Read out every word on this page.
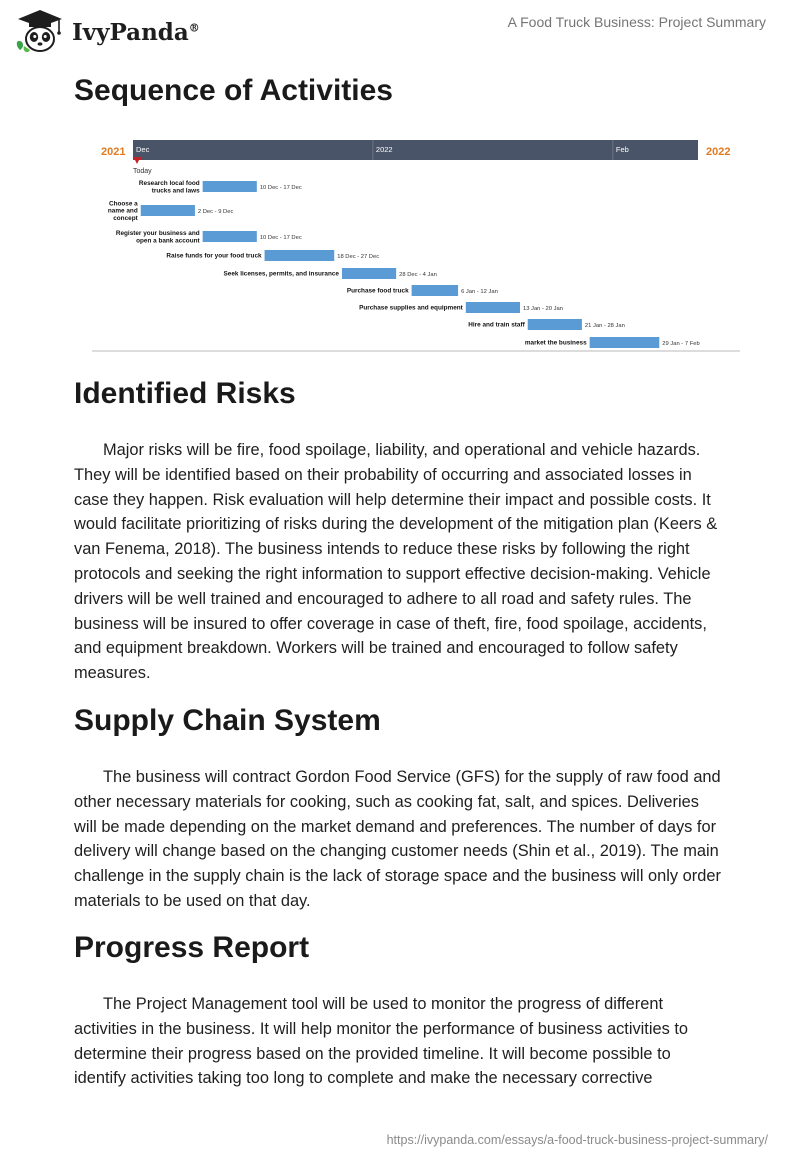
IvyPanda®	A Food Truck Business: Project Summary
Sequence of Activities
2021	2022
Dec	2022	Feb
Today
10 Dec - 17 Dec
Research local food trucks and laws
2 Dec - 9 Dec
Choose a name and concept
10 Dec - 17 Dec
Register your business and open a bank account
18 Dec - 27 Dec
Raise funds for your food truck
28 Dec - 4 Jan
Seek licenses, permits, and insurance
6 Jan - 12 Jan
Purchase food truck
13 Jan - 20 Jan
Purchase supplies and equipment
21 Jan - 28 Jan
Hire and train staff
29 Jan - 7 Feb
market the business
Identified Risks

Major risks will be fire, food spoilage, liability, and operational and vehicle hazards. They will be identified based on their probability of occurring and associated losses in case they happen. Risk evaluation will help determine their impact and possible costs. It would facilitate prioritizing of risks during the development of the mitigation plan (Keers & van Fenema, 2018). The business intends to reduce these risks by following the right protocols and seeking the right information to support effective decision-making. Vehicle drivers will be well trained and encouraged to adhere to all road and safety rules. The business will be insured to offer coverage in case of theft, fire, food spoilage, accidents, and equipment breakdown. Workers will be trained and encouraged to follow safety measures.

Supply Chain System

The business will contract Gordon Food Service (GFS) for the supply of raw food and other necessary materials for cooking, such as cooking fat, salt, and spices. Deliveries will be made depending on the market demand and preferences. The number of days for delivery will change based on the changing customer needs (Shin et al., 2019). The main challenge in the supply chain is the lack of storage space and the business will only order materials to be used on that day.

Progress Report

The Project Management tool will be used to monitor the progress of different activities in the business. It will help monitor the performance of business activities to determine their progress based on the provided timeline. It will become possible to identify activities taking too long to complete and make the necessary corrective

https://ivypanda.com/essays/a-food-truck-business-project-summary/
